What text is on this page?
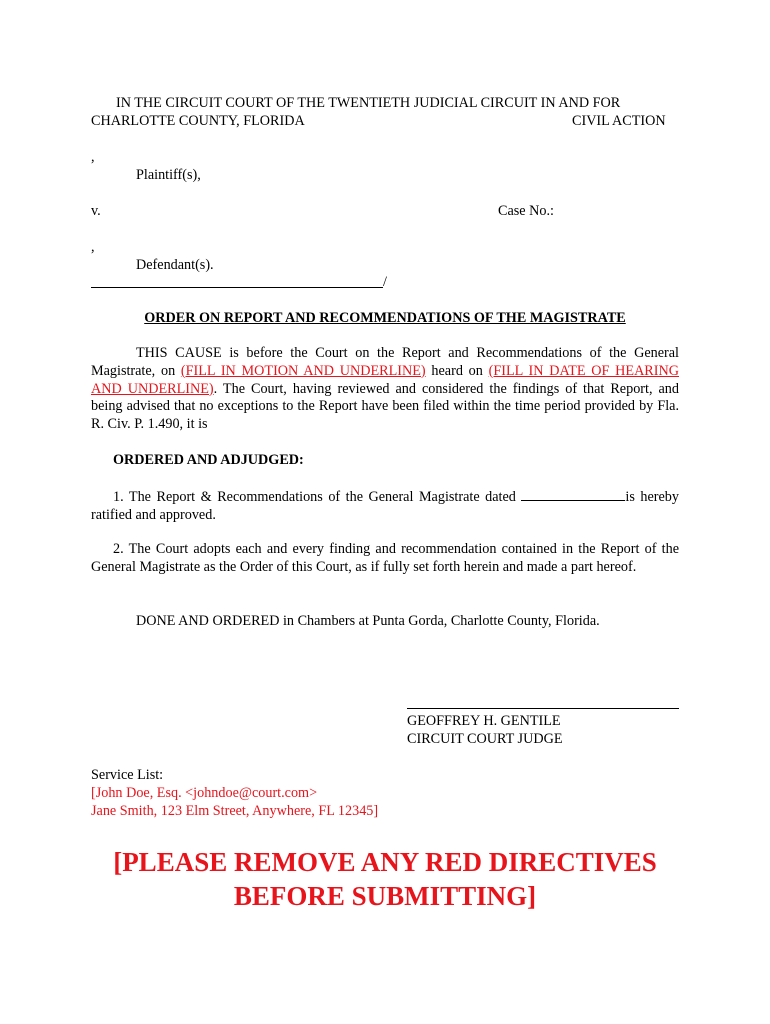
IN THE CIRCUIT COURT OF THE TWENTIETH JUDICIAL CIRCUIT IN AND FOR
CHARLOTTE COUNTY, FLORIDA	CIVIL ACTION
,
Plaintiff(s),
v.	Case No.:
,
Defendant(s).
/
ORDER ON REPORT AND RECOMMENDATIONS OF THE MAGISTRATE
THIS CAUSE is before the Court on the Report and Recommendations of the General Magistrate, on (FILL IN MOTION AND UNDERLINE) heard on (FILL IN DATE OF HEARING AND UNDERLINE). The Court, having reviewed and considered the findings of that Report, and being advised that no exceptions to the Report have been filed within the time period provided by Fla. R. Civ. P. 1.490, it is
ORDERED AND ADJUDGED:
1. The Report & Recommendations of the General Magistrate dated	is hereby ratified and approved.
2. The Court adopts each and every finding and recommendation contained in the Report of the General Magistrate as the Order of this Court, as if fully set forth herein and made a part hereof.
DONE AND ORDERED in Chambers at Punta Gorda, Charlotte County, Florida.
GEOFFREY H. GENTILE
CIRCUIT COURT JUDGE
Service List:
[John Doe, Esq. <johndoe@court.com>
Jane Smith, 123 Elm Street, Anywhere, FL 12345]
[PLEASE REMOVE ANY RED DIRECTIVES
BEFORE SUBMITTING]
